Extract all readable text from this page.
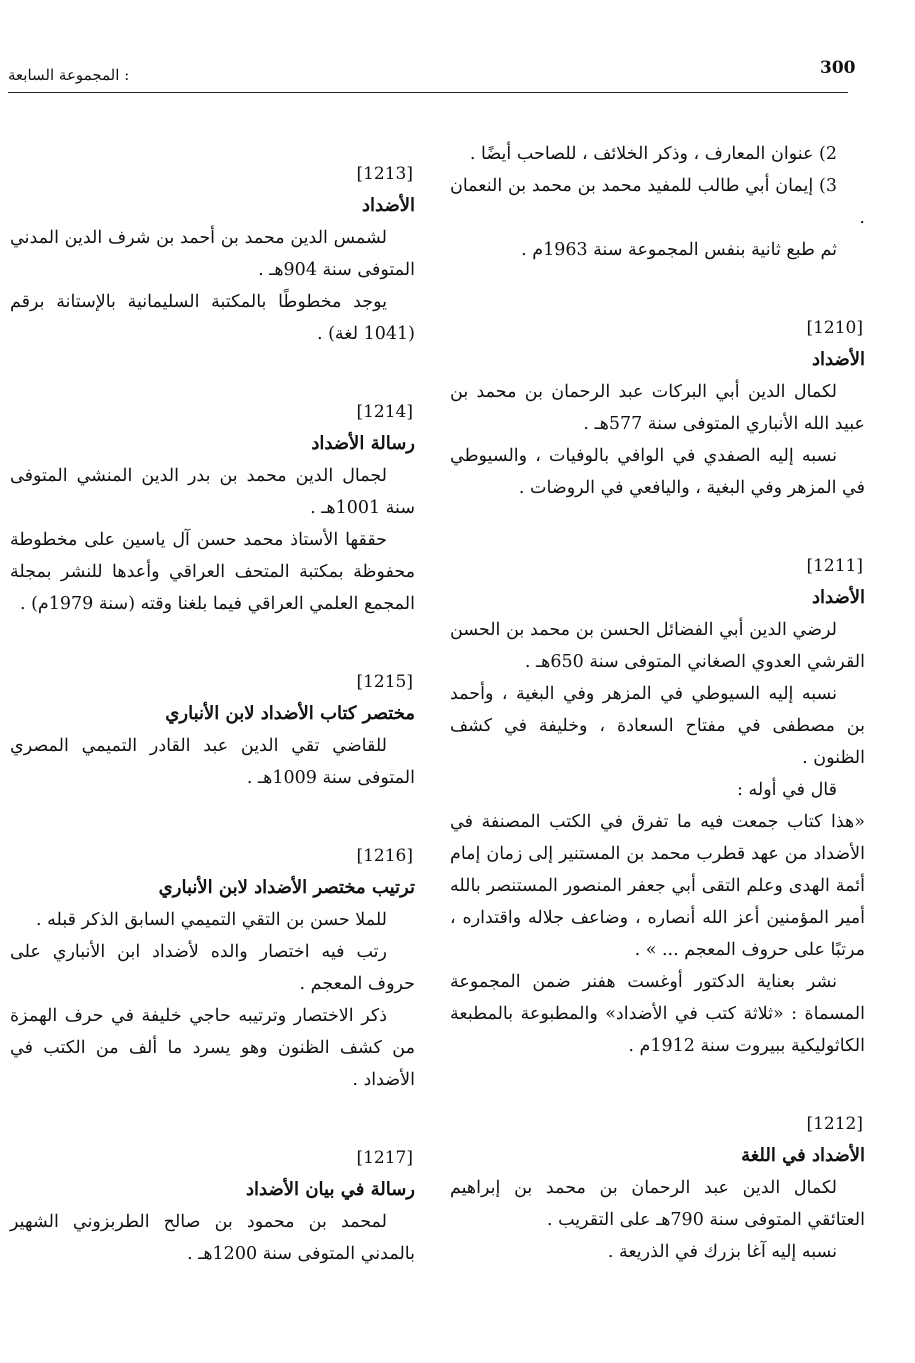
300
المجموعة السابعة :

2) عنوان المعارف ، وذكر الخلائف ، للصاحب أيضًا .

3) إيمان أبي طالب للمفيد محمد بن محمد بن النعمان .

ثم طبع ثانية بنفس المجموعة سنة 1963م .

[1210]
الأضداد

لكمال الدين أبي البركات عبد الرحمان بن محمد بن عبيد الله الأنباري المتوفى سنة 577هـ .

نسبه إليه الصفدي في الوافي بالوفيات ، والسيوطي في المزهر وفي البغية ، واليافعي في الروضات .

[1211]
الأضداد

لرضي الدين أبي الفضائل الحسن بن محمد بن الحسن القرشي العدوي الصغاني المتوفى سنة 650هـ .

نسبه إليه السيوطي في المزهر وفي البغية ، وأحمد بن مصطفى في مفتاح السعادة ، وخليفة في كشف الظنون .

قال في أوله :

«هذا كتاب جمعت فيه ما تفرق في الكتب المصنفة في الأضداد من عهد قطرب محمد بن المستنير إلى زمان إمام أئمة الهدى وعلم التقى أبي جعفر المنصور المستنصر بالله أمير المؤمنين أعز الله أنصاره ، وضاعف جلاله واقتداره ، مرتبًا على حروف المعجم ... » .

نشر بعناية الدكتور أوغست هفنر ضمن المجموعة المسماة : «ثلاثة كتب في الأضداد» والمطبوعة بالمطبعة الكاثوليكية ببيروت سنة 1912م .

[1212]
الأضداد في اللغة

لكمال الدين عبد الرحمان بن محمد بن إبراهيم العتائقي المتوفى سنة 790هـ على التقريب .

نسبه إليه آغا بزرك في الذريعة .

[1213]
الأضداد

لشمس الدين محمد بن أحمد بن شرف الدين المدني المتوفى سنة 904هـ .

يوجد مخطوطًا بالمكتبة السليمانية بالإستانة برقم (1041 لغة) .

[1214]
رسالة الأضداد

لجمال الدين محمد بن بدر الدين المنشي المتوفى سنة 1001هـ .

حققها الأستاذ محمد حسن آل ياسين على مخطوطة محفوظة بمكتبة المتحف العراقي وأعدها للنشر بمجلة المجمع العلمي العراقي فيما بلغنا وقته (سنة 1979م) .

[1215]
مختصر كتاب الأضداد لابن الأنباري

للقاضي تقي الدين عبد القادر التميمي المصري المتوفى سنة 1009هـ .

[1216]
ترتيب مختصر الأضداد لابن الأنباري

للملا حسن بن التقي التميمي السابق الذكر قبله .

رتب فيه اختصار والده لأضداد ابن الأنباري على حروف المعجم .

ذكر الاختصار وترتيبه حاجي خليفة في حرف الهمزة من كشف الظنون وهو يسرد ما ألف من الكتب في الأضداد .

[1217]
رسالة في بيان الأضداد

لمحمد بن محمود بن صالح الطربزوني الشهير بالمدني المتوفى سنة 1200هـ .
